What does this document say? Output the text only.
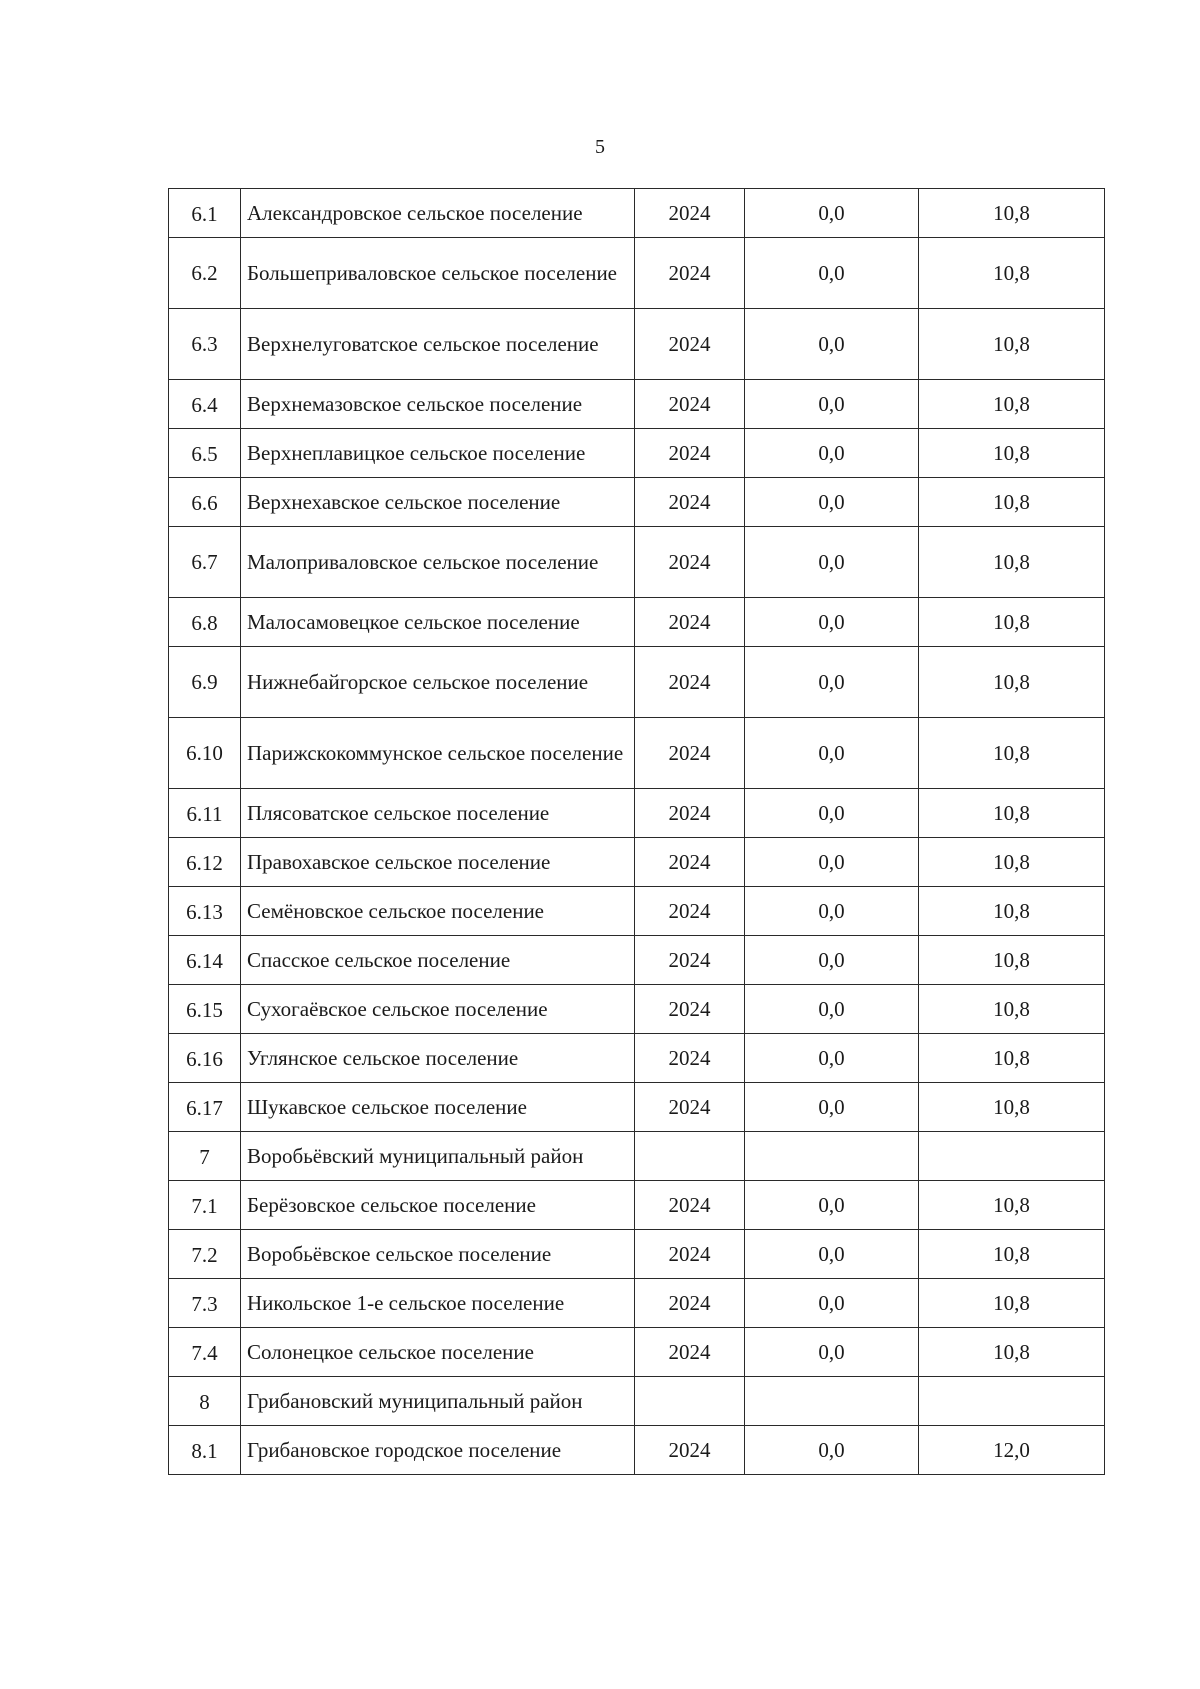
5
6.1	Александровское сельское поселение	2024	0,0	10,8
6.2	Большеприваловское сельское поселение	2024	0,0	10,8
6.3	Верхнелуговатское сельское поселение	2024	0,0	10,8
6.4	Верхнемазовское сельское поселение	2024	0,0	10,8
6.5	Верхнеплавицкое сельское поселение	2024	0,0	10,8
6.6	Верхнехавское сельское поселение	2024	0,0	10,8
6.7	Малоприваловское сельское поселение	2024	0,0	10,8
6.8	Малосамовецкое сельское поселение	2024	0,0	10,8
6.9	Нижнебайгорское сельское поселение	2024	0,0	10,8
6.10	Парижскокоммунское сельское поселение	2024	0,0	10,8
6.11	Плясоватское сельское поселение	2024	0,0	10,8
6.12	Правохавское сельское поселение	2024	0,0	10,8
6.13	Семёновское сельское поселение	2024	0,0	10,8
6.14	Спасское сельское поселение	2024	0,0	10,8
6.15	Сухогаёвское сельское поселение	2024	0,0	10,8
6.16	Углянское сельское поселение	2024	0,0	10,8
6.17	Шукавское сельское поселение	2024	0,0	10,8
7	Воробьёвский муниципальный район			
7.1	Берёзовское сельское поселение	2024	0,0	10,8
7.2	Воробьёвское сельское поселение	2024	0,0	10,8
7.3	Никольское 1-е сельское поселение	2024	0,0	10,8
7.4	Солонецкое сельское поселение	2024	0,0	10,8
8	Грибановский муниципальный район			
8.1	Грибановское городское поселение	2024	0,0	12,0
